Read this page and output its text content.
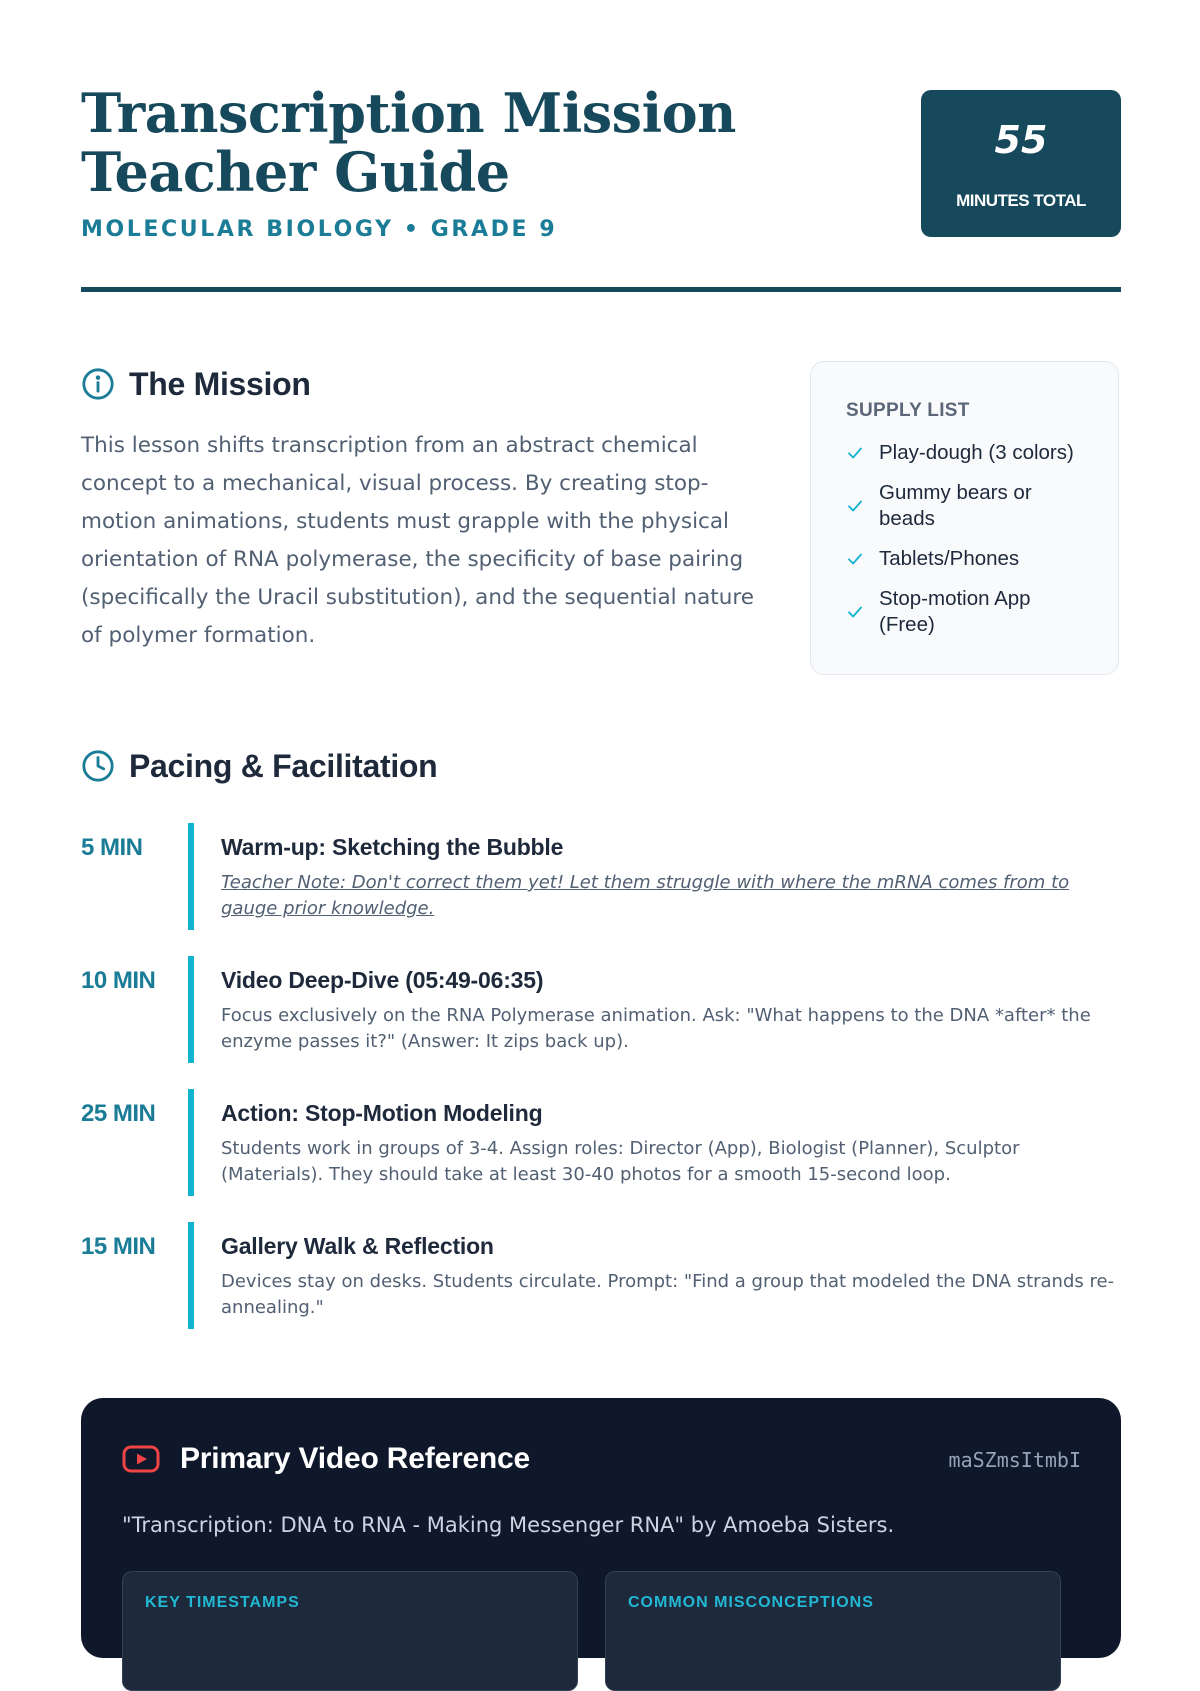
Transcription Mission
Teacher Guide
MOLECULAR BIOLOGY • GRADE 9
55
MINUTES TOTAL
The Mission

This lesson shifts transcription from an abstract chemical concept to a mechanical, visual process. By creating stop-motion animations, students must grapple with the physical orientation of RNA polymerase, the specificity of base pairing (specifically the Uracil substitution), and the sequential nature of polymer formation.

SUPPLY LIST
Play-dough (3 colors)
Gummy bears or beads
Tablets/Phones
Stop-motion App (Free)
Pacing & Facilitation
5 MIN	Warm-up: Sketching the Bubble
Teacher Note: Don't correct them yet! Let them struggle with where the mRNA comes from to gauge prior knowledge.
10 MIN	Video Deep-Dive (05:49-06:35)
Focus exclusively on the RNA Polymerase animation. Ask: "What happens to the DNA *after* the enzyme passes it?" (Answer: It zips back up).
25 MIN	Action: Stop-Motion Modeling
Students work in groups of 3-4. Assign roles: Director (App), Biologist (Planner), Sculptor (Materials). They should take at least 30-40 photos for a smooth 15-second loop.
15 MIN	Gallery Walk & Reflection
Devices stay on desks. Students circulate. Prompt: "Find a group that modeled the DNA strands re-annealing."
Primary Video Reference	maSZmsItmbI
"Transcription: DNA to RNA - Making Messenger RNA" by Amoeba Sisters.
KEY TIMESTAMPS	COMMON MISCONCEPTIONS
